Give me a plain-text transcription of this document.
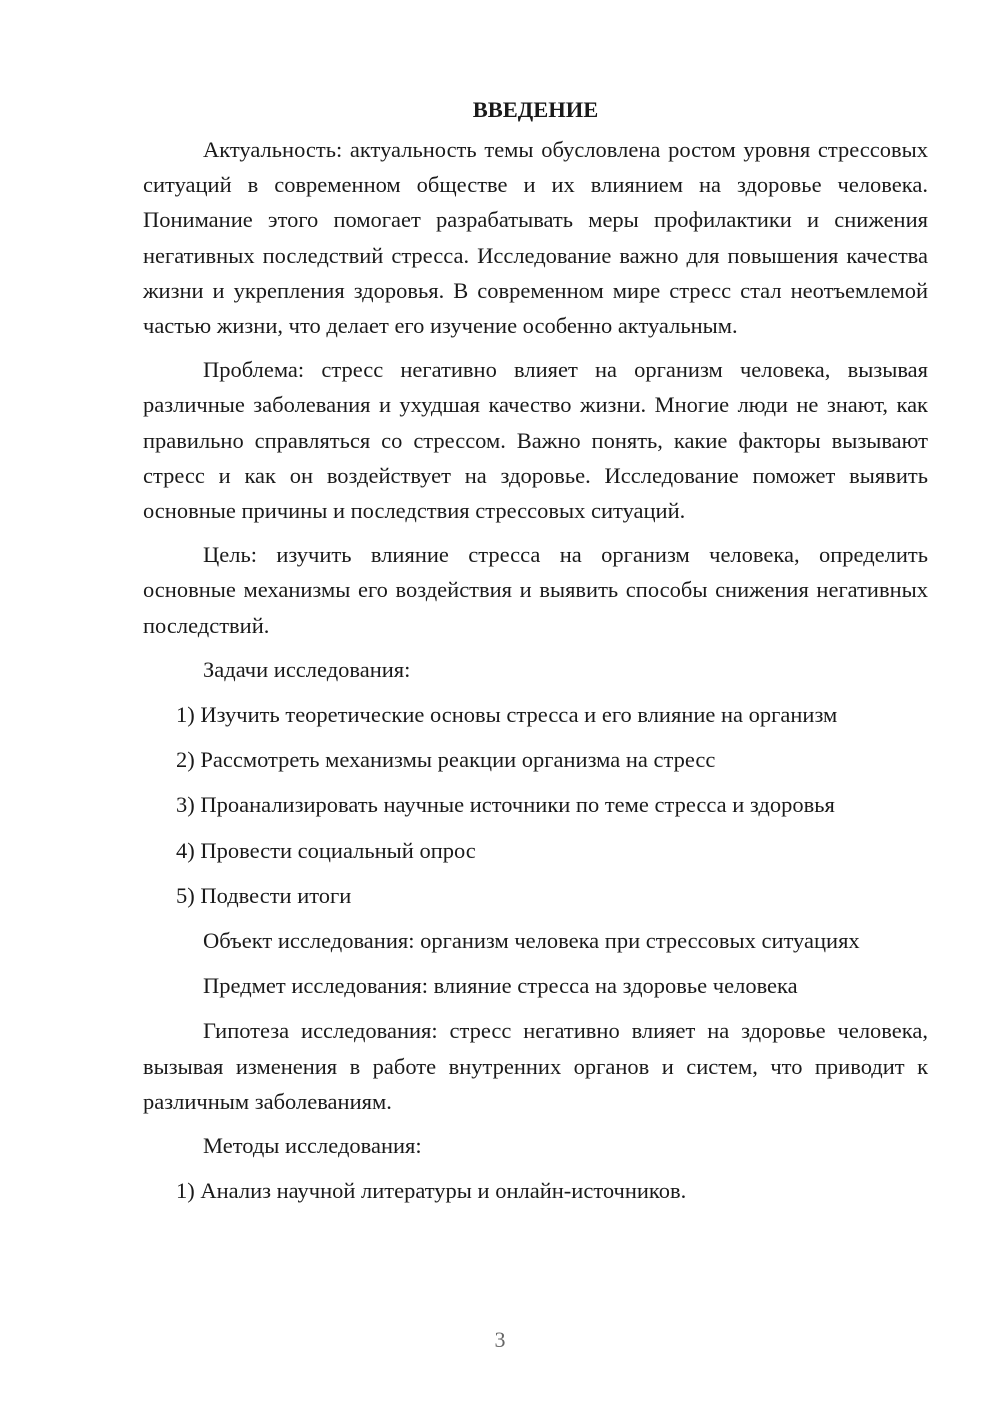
ВВЕДЕНИЕ

Актуальность: актуальность темы обусловлена ростом уровня стрессовых ситуаций в современном обществе и их влиянием на здоровье человека. Понимание этого помогает разрабатывать меры профилактики и снижения негативных последствий стресса. Исследование важно для повышения качества жизни и укрепления здоровья. В современном мире стресс стал неотъемлемой частью жизни, что делает его изучение особенно актуальным.

Проблема: стресс негативно влияет на организм человека, вызывая различные заболевания и ухудшая качество жизни. Многие люди не знают, как правильно справляться со стрессом. Важно понять, какие факторы вызывают стресс и как он воздействует на здоровье. Исследование поможет выявить основные причины и последствия стрессовых ситуаций.

Цель: изучить влияние стресса на организм человека, определить основные механизмы его воздействия и выявить способы снижения негативных последствий.

Задачи исследования:
1) Изучить теоретические основы стресса и его влияние на организм
2) Рассмотреть механизмы реакции организма на стресс
3) Проанализировать научные источники по теме стресса и здоровья
4) Провести социальный опрос
5) Подвести итоги
Объект исследования: организм человека при стрессовых ситуациях
Предмет исследования: влияние стресса на здоровье человека

Гипотеза исследования: стресс негативно влияет на здоровье человека, вызывая изменения в работе внутренних органов и систем, что приводит к различным заболеваниям.

Методы исследования:
1) Анализ научной литературы и онлайн-источников.
3
